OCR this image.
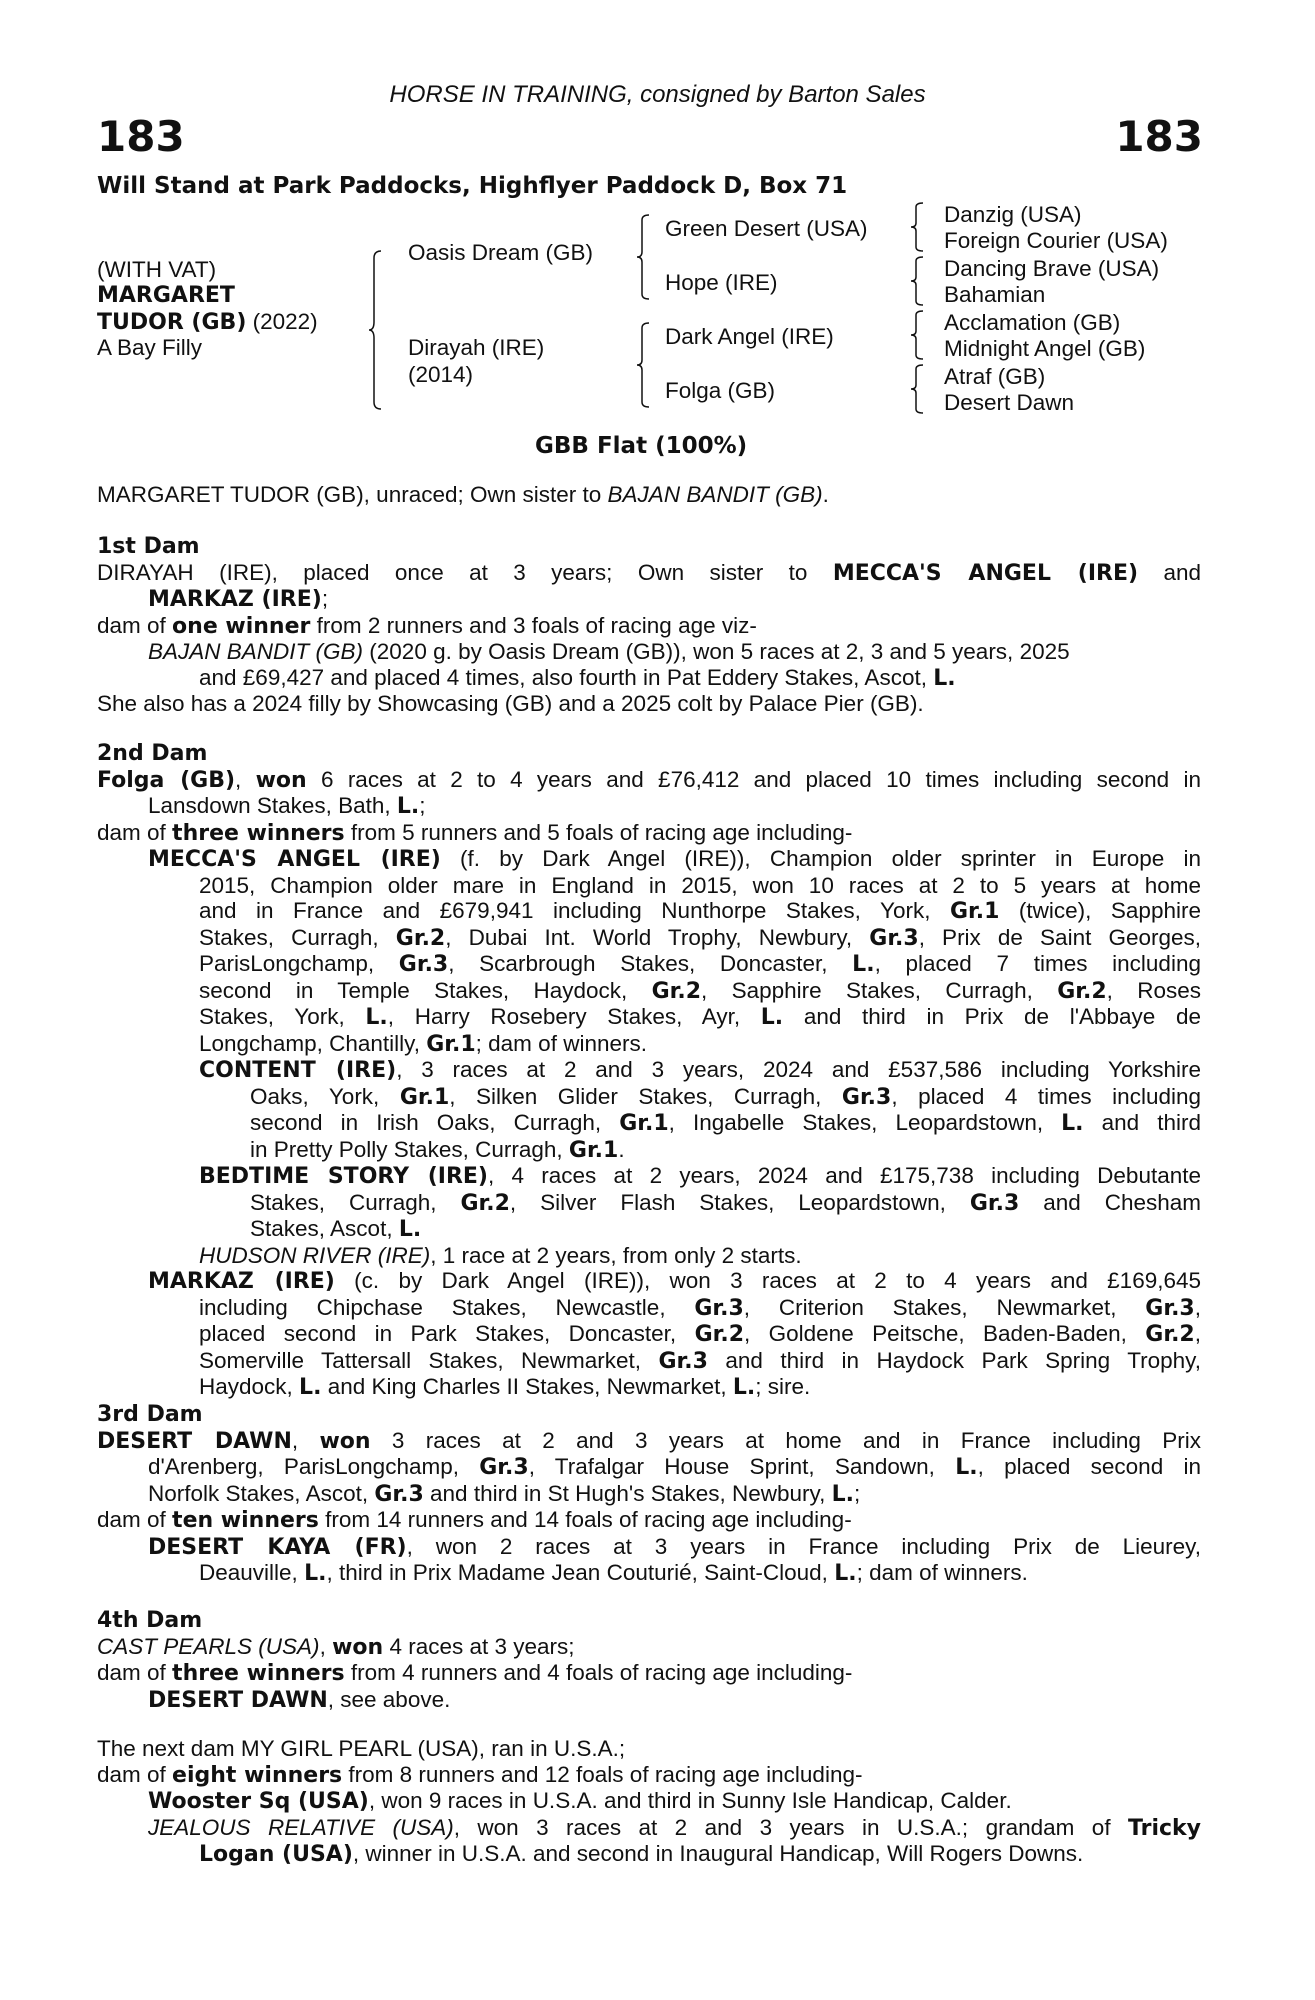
HORSE IN TRAINING, consigned by Barton Sales
183	183
Will Stand at Park Paddocks, Highflyer Paddock D, Box 71
(WITH VAT)
MARGARET
TUDOR (GB) (2022)
A Bay Filly
Oasis Dream (GB)
Dirayah (IRE)
(2014)
Green Desert (USA)
Hope (IRE)
Dark Angel (IRE)
Folga (GB)
Danzig (USA)
Foreign Courier (USA)
Dancing Brave (USA)
Bahamian
Acclamation (GB)
Midnight Angel (GB)
Atraf (GB)
Desert Dawn
GBB Flat (100%)
MARGARET TUDOR (GB), unraced; Own sister to BAJAN BANDIT (GB).

1st Dam

DIRAYAH (IRE), placed once at 3 years; Own sister to MECCA'S ANGEL (IRE) and

MARKAZ (IRE);

dam of one winner from 2 runners and 3 foals of racing age viz-

BAJAN BANDIT (GB) (2020 g. by Oasis Dream (GB)), won 5 races at 2, 3 and 5 years, 2025

and £69,427 and placed 4 times, also fourth in Pat Eddery Stakes, Ascot, L.

She also has a 2024 filly by Showcasing (GB) and a 2025 colt by Palace Pier (GB).

2nd Dam

Folga (GB), won 6 races at 2 to 4 years and £76,412 and placed 10 times including second in

Lansdown Stakes, Bath, L.;

dam of three winners from 5 runners and 5 foals of racing age including-

MECCA'S ANGEL (IRE) (f. by Dark Angel (IRE)), Champion older sprinter in Europe in

2015, Champion older mare in England in 2015, won 10 races at 2 to 5 years at home

and in France and £679,941 including Nunthorpe Stakes, York, Gr.1 (twice), Sapphire

Stakes, Curragh, Gr.2, Dubai Int. World Trophy, Newbury, Gr.3, Prix de Saint Georges,

ParisLongchamp, Gr.3, Scarbrough Stakes, Doncaster, L., placed 7 times including

second in Temple Stakes, Haydock, Gr.2, Sapphire Stakes, Curragh, Gr.2, Roses

Stakes, York, L., Harry Rosebery Stakes, Ayr, L. and third in Prix de l'Abbaye de

Longchamp, Chantilly, Gr.1; dam of winners.

CONTENT (IRE), 3 races at 2 and 3 years, 2024 and £537,586 including Yorkshire

Oaks, York, Gr.1, Silken Glider Stakes, Curragh, Gr.3, placed 4 times including

second in Irish Oaks, Curragh, Gr.1, Ingabelle Stakes, Leopardstown, L. and third

in Pretty Polly Stakes, Curragh, Gr.1.

BEDTIME STORY (IRE), 4 races at 2 years, 2024 and £175,738 including Debutante

Stakes, Curragh, Gr.2, Silver Flash Stakes, Leopardstown, Gr.3 and Chesham

Stakes, Ascot, L.

HUDSON RIVER (IRE), 1 race at 2 years, from only 2 starts.

MARKAZ (IRE) (c. by Dark Angel (IRE)), won 3 races at 2 to 4 years and £169,645

including Chipchase Stakes, Newcastle, Gr.3, Criterion Stakes, Newmarket, Gr.3,

placed second in Park Stakes, Doncaster, Gr.2, Goldene Peitsche, Baden-Baden, Gr.2,

Somerville Tattersall Stakes, Newmarket, Gr.3 and third in Haydock Park Spring Trophy,

Haydock, L. and King Charles II Stakes, Newmarket, L.; sire.

3rd Dam

DESERT DAWN, won 3 races at 2 and 3 years at home and in France including Prix

d'Arenberg, ParisLongchamp, Gr.3, Trafalgar House Sprint, Sandown, L., placed second in

Norfolk Stakes, Ascot, Gr.3 and third in St Hugh's Stakes, Newbury, L.;

dam of ten winners from 14 runners and 14 foals of racing age including-

DESERT KAYA (FR), won 2 races at 3 years in France including Prix de Lieurey,

Deauville, L., third in Prix Madame Jean Couturié, Saint-Cloud, L.; dam of winners.

4th Dam

CAST PEARLS (USA), won 4 races at 3 years;

dam of three winners from 4 runners and 4 foals of racing age including-

DESERT DAWN, see above.

The next dam MY GIRL PEARL (USA), ran in U.S.A.;

dam of eight winners from 8 runners and 12 foals of racing age including-

Wooster Sq (USA), won 9 races in U.S.A. and third in Sunny Isle Handicap, Calder.

JEALOUS RELATIVE (USA), won 3 races at 2 and 3 years in U.S.A.; grandam of Tricky

Logan (USA), winner in U.S.A. and second in Inaugural Handicap, Will Rogers Downs.
